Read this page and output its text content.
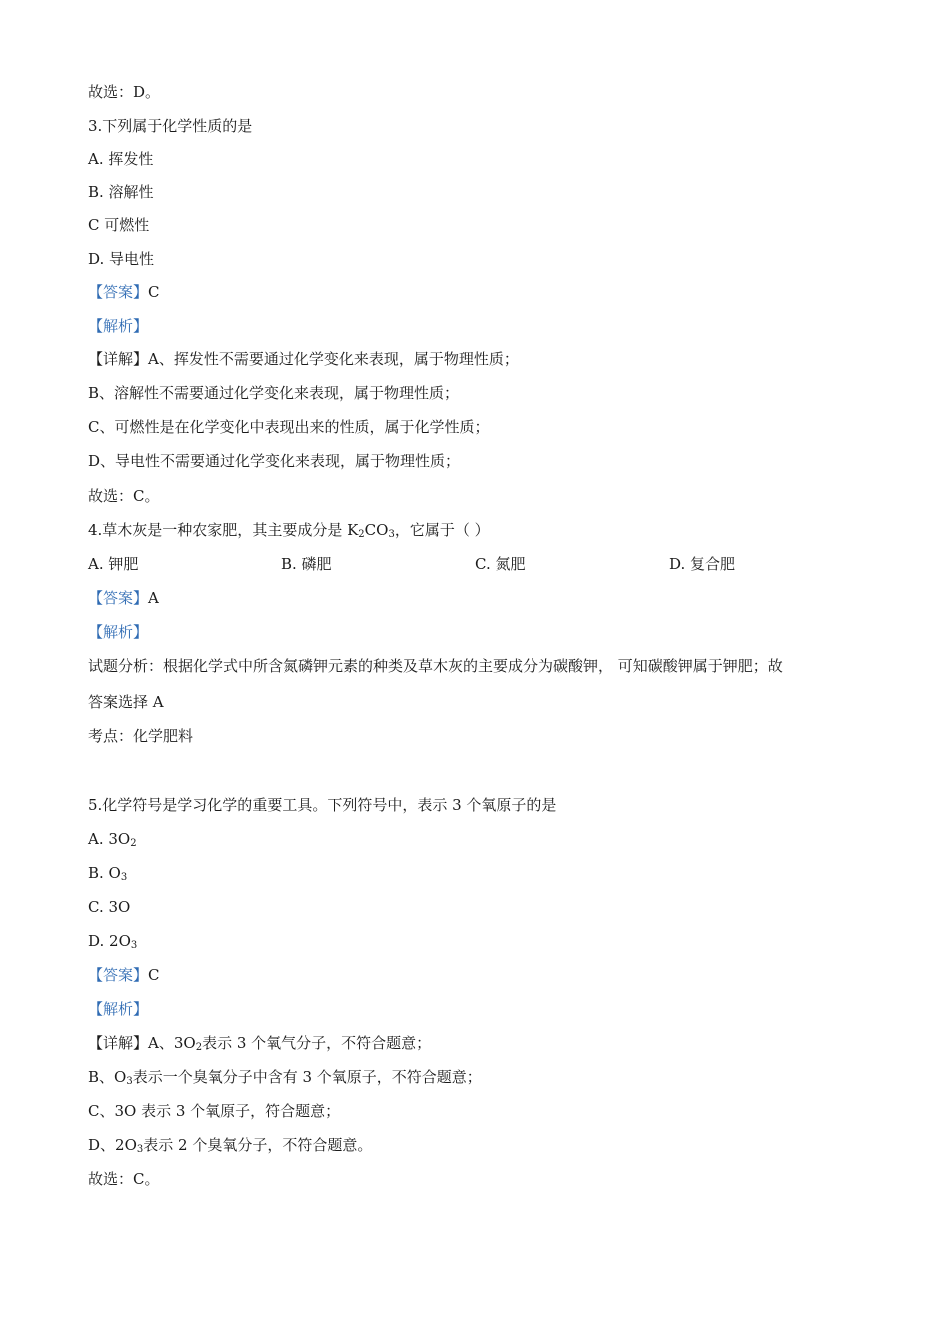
故选：D。
3.下列属于化学性质的是
A. 挥发性
B. 溶解性
C 可燃性
D. 导电性
【答案】C
【解析】
【详解】A、挥发性不需要通过化学变化来表现，属于物理性质；
B、溶解性不需要通过化学变化来表现，属于物理性质；
C、可燃性是在化学变化中表现出来的性质，属于化学性质；
D、导电性不需要通过化学变化来表现，属于物理性质；
故选：C。
4.草木灰是一种农家肥，其主要成分是 $K_2CO_3$，它属于（ ）
A. 钾肥	B. 磷肥	C. 氮肥	D. 复合肥
【答案】A
【解析】
试题分析：根据化学式中所含氮磷钾元素的种类及草木灰的主要成分为碳酸钾， 可知碳酸钾属于钾肥；故
答案选择 A
考点：化学肥料
5.化学符号是学习化学的重要工具。下列符号中，表示 3 个氧原子的是
A. $3O_2$
B. $O_3$
C. 3O
D. $2O_3$
【答案】C
【解析】
【详解】A、$3O_2$表示 3 个氧气分子，不符合题意；
B、$O_3$表示一个臭氧分子中含有 3 个氧原子，不符合题意；
C、3O 表示 3 个氧原子，符合题意；
D、$2O_3$表示 2 个臭氧分子，不符合题意。
故选：C。
